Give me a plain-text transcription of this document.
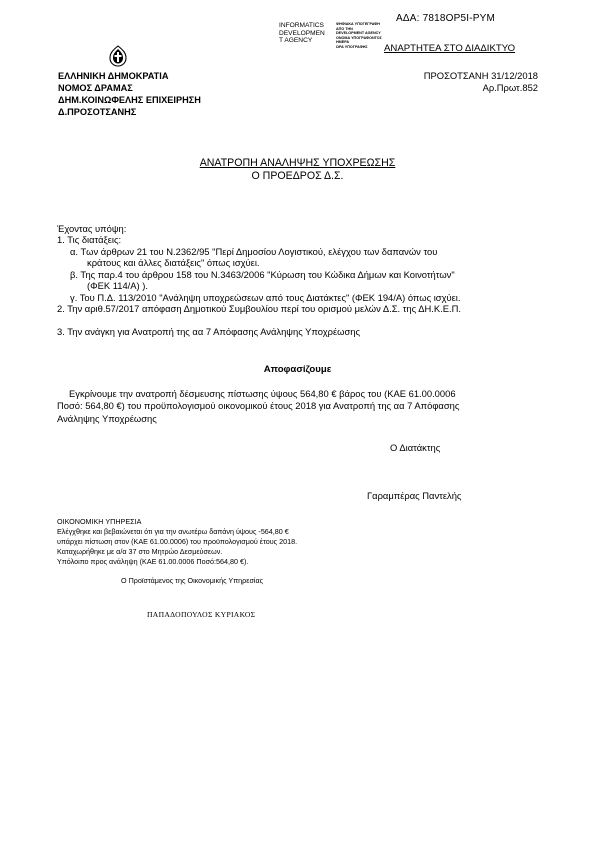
ΑΔΑ: 7818ΟΡ5Ι-ΡΥΜ
INFORMATICS
DEVELOPMEN
T AGENCY
ΨΗΦΙΑΚΑ ΥΠΟΓΕΓΡΑΦΗ
ΑΠΟ ΤΗΝ
DEVELOPMENT AGENCY
ΟΝΟΜΑ ΥΠΟΓΡΑΦΟΝΤΟΣ
ΗΜΕΡΑ
ΩΡΑ ΥΠΟΓΡΑΦΗΣ	ΑΝΑΡΤΗΤΕΑ ΣΤΟ ΔΙΑΔΙΚΤΥΟ
ΕΛΛΗΝΙΚΗ ΔΗΜΟΚΡΑΤΙΑ
ΝΟΜΟΣ ΔΡΑΜΑΣ
ΔΗΜ.ΚΟΙΝΩΦΕΛΗΣ ΕΠΙΧΕΙΡΗΣΗ
Δ.ΠΡΟΣΟΤΣΑΝΗΣ
ΠΡΟΣΟΤΣΑΝΗ 31/12/2018
Αρ.Πρωτ.852
ΑΝΑΤΡΟΠΗ ΑΝΑΛΗΨΗΣ ΥΠΟΧΡΕΩΣΗΣ
Ο ΠΡΟΕΔΡΟΣ Δ.Σ.
Έχοντας υπόψη:
1. Τις διατάξεις:
α. Των άρθρων 21 του Ν.2362/95 "Περί Δημοσίου Λογιστικού, ελέγχου των δαπανών του
κράτους και άλλες διατάξεις" όπως ισχύει.
β. Της παρ.4 του άρθρου 158 του Ν.3463/2006 "Κύρωση του Κώδικα Δήμων και Κοινοτήτων"
(ΦΕΚ 114/Α) ).
γ. Του Π.Δ. 113/2010 "Ανάληψη υποχρεώσεων από τους Διατάκτες" (ΦΕΚ 194/Α) όπως ισχύει.
2. Την αριθ.57/2017 απόφαση Δημοτικού Συμβουλίου περί του ορισμού μελών Δ.Σ. της ΔΗ.Κ.Ε.Π.
3. Την ανάγκη για Ανατροπή της αα 7 Απόφασης Ανάληψης Υποχρέωσης
Αποφασίζουμε
Εγκρίνουμε την ανατροπή δέσμευσης πίστωσης ύψους 564,80 € βάρος του (ΚΑΕ 61.00.0006
Ποσό: 564,80 €) του προϋπολογισμού οικονομικού έτους 2018 για Ανατροπή της αα 7 Απόφασης
Ανάληψης Υποχρέωσης
Ο Διατάκτης
Γαραμπέρας Παντελής
ΟΙΚΟΝΟΜΙΚΗ ΥΠΗΡΕΣΙΑ
Ελέγχθηκε και βεβαιώνεται ότι για την ανωτέρω δαπάνη ύψους -564,80 €
υπάρχει πίστωση στον (ΚΑΕ 61.00.0006) του προϋπολογισμού έτους 2018.
Καταχωρήθηκε με α/α 37 στο Μητρώο Δεσμεύσεων.
Υπόλοιπο προς ανάληψη (ΚΑΕ 61.00.0006 Ποσό:564,80 €).
Ο Προϊστάμενος της Οικονομικής Υπηρεσίας
ΠΑΠΑΔΟΠΟΥΛΟΣ ΚΥΡΙΑΚΟΣ
